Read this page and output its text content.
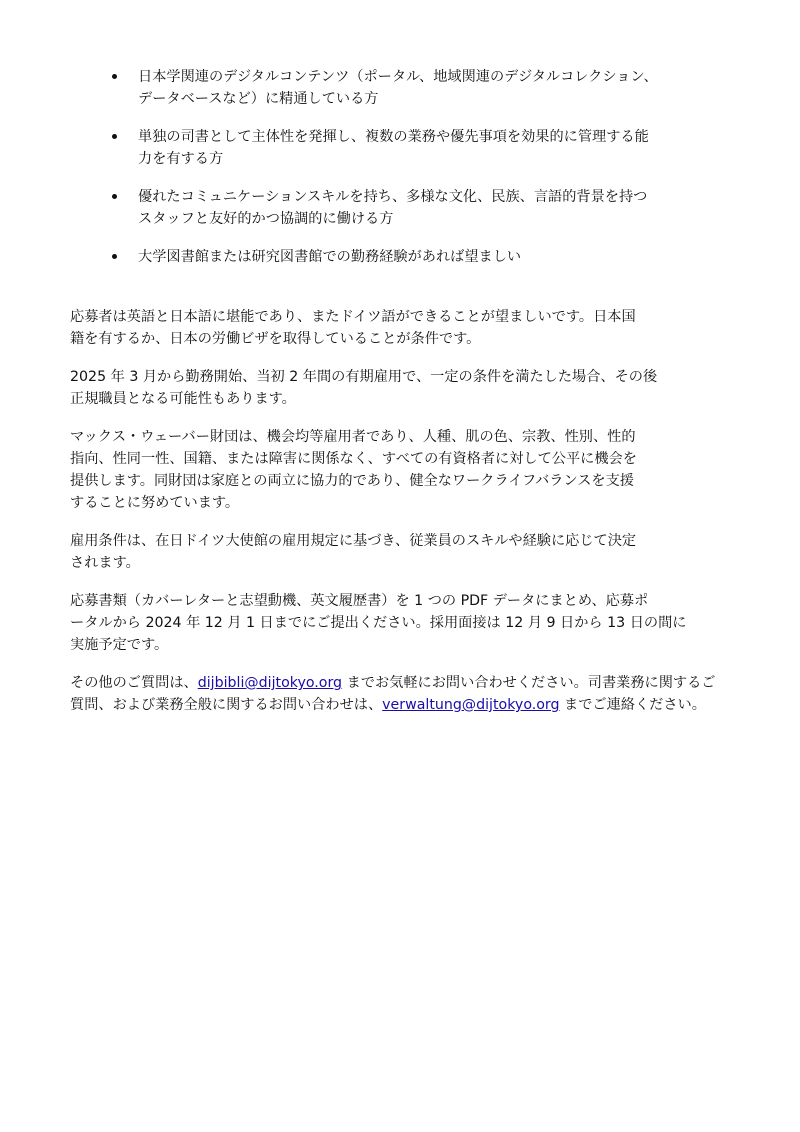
日本学関連のデジタルコンテンツ（ポータル、地域関連のデジタルコレクション、
データベースなど）に精通している方
単独の司書として主体性を発揮し、複数の業務や優先事項を効果的に管理する能
力を有する方
優れたコミュニケーションスキルを持ち、多様な文化、民族、言語的背景を持つ
スタッフと友好的かつ協調的に働ける方
大学図書館または研究図書館での勤務経験があれば望ましい

応募者は英語と日本語に堪能であり、またドイツ語ができることが望ましいです。日本国
籍を有するか、日本の労働ビザを取得していることが条件です。

2025 年 3 月から勤務開始、当初 2 年間の有期雇用で、一定の条件を満たした場合、その後
正規職員となる可能性もあります。

マックス・ウェーバー財団は、機会均等雇用者であり、人種、肌の色、宗教、性別、性的
指向、性同一性、国籍、または障害に関係なく、すべての有資格者に対して公平に機会を
提供します。同財団は家庭との両立に協力的であり、健全なワークライフバランスを支援
することに努めています。

雇用条件は、在日ドイツ大使館の雇用規定に基づき、従業員のスキルや経験に応じて決定
されます。

応募書類（カバーレターと志望動機、英文履歴書）を 1 つの PDF データにまとめ、応募ポ
ータルから 2024 年 12 月 1 日までにご提出ください。採用面接は 12 月 9 日から 13 日の間に
実施予定です。

その他のご質問は、dijbibli@dijtokyo.org までお気軽にお問い合わせください。司書業務に関するご
質問、および業務全般に関するお問い合わせは、verwaltung@dijtokyo.org までご連絡ください。
